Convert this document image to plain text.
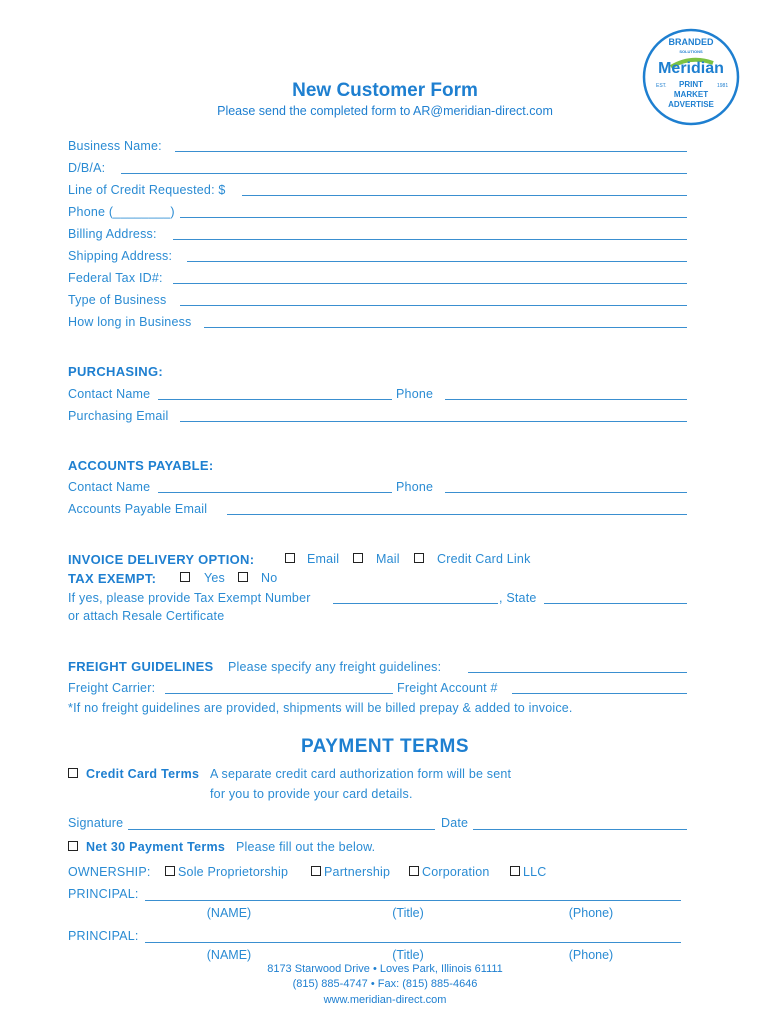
BRANDED
SOLUTIONS
Meridian
EST.	1981
PRINT
MARKET
ADVERTISE
New Customer Form
Please send the completed form to AR@meridian-direct.com
Business Name:
D/B/A:
Line of Credit Requested: $
Phone (________)
Billing Address:
Shipping Address:
Federal Tax ID#:
Type of Business
How long in Business
PURCHASING:
Contact Name	Phone
Purchasing Email
ACCOUNTS PAYABLE:
Contact Name	Phone
Accounts Payable Email
INVOICE DELIVERY OPTION:	Email	Mail	Credit Card Link
TAX EXEMPT:	Yes	No
If yes, please provide Tax Exempt Number	, State
or attach Resale Certificate
FREIGHT GUIDELINES Please specify any freight guidelines:
Freight Carrier:	Freight Account #
*If no freight guidelines are provided, shipments will be billed prepay & added to invoice.
PAYMENT TERMS
Credit Card Terms A separate credit card authorization form will be sent
for you to provide your card details.
Signature	Date
Net 30 Payment Terms Please fill out the below.
OWNERSHIP: Sole Proprietorship	Partnership	Corporation	LLC
PRINCIPAL:
(NAME)	(Title)	(Phone)
PRINCIPAL:
(NAME)	(Title)	(Phone)
8173 Starwood Drive • Loves Park, Illinois 61111
(815) 885-4747 • Fax: (815) 885-4646
www.meridian-direct.com
